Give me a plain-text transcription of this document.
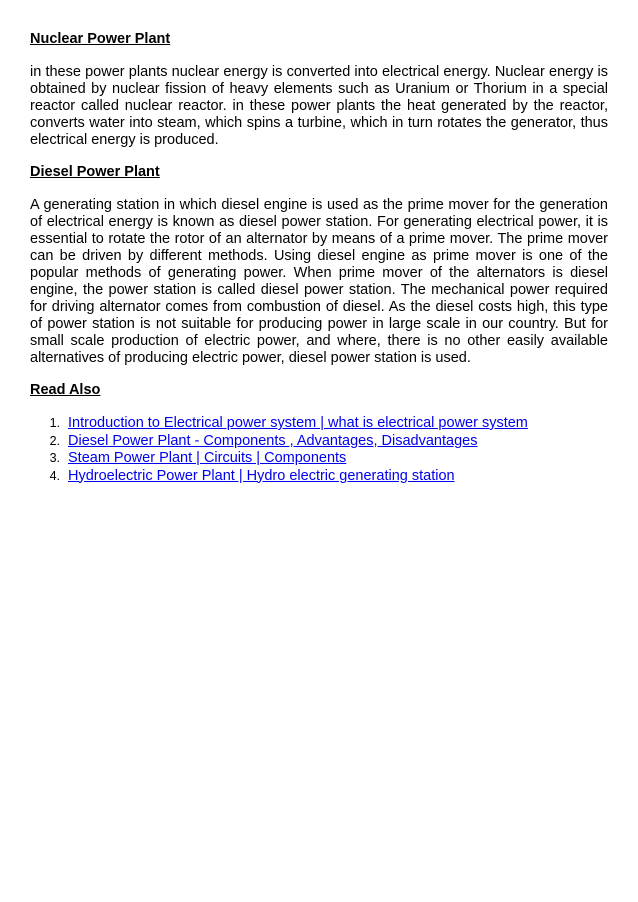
Nuclear Power Plant

in these power plants nuclear energy is converted into electrical energy. Nuclear energy is obtained by nuclear fission of heavy elements such as Uranium or Thorium in a special reactor called nuclear reactor. in these power plants the heat generated by the reactor, converts water into steam, which spins a turbine, which in turn rotates the generator, thus electrical energy is produced.

Diesel Power Plant

A generating station in which diesel engine is used as the prime mover for the generation of electrical energy is known as diesel power station. For generating electrical power, it is essential to rotate the rotor of an alternator by means of a prime mover. The prime mover can be driven by different methods. Using diesel engine as prime mover is one of the popular methods of generating power. When prime mover of the alternators is diesel engine, the power station is called diesel power station. The mechanical power required for driving alternator comes from combustion of diesel. As the diesel costs high, this type of power station is not suitable for producing power in large scale in our country. But for small scale production of electric power, and where, there is no other easily available alternatives of producing electric power, diesel power station is used.

Read Also
1. Introduction to Electrical power system | what is electrical power system
2. Diesel Power Plant - Components , Advantages, Disadvantages
3. Steam Power Plant | Circuits | Components
4. Hydroelectric Power Plant | Hydro electric generating station
